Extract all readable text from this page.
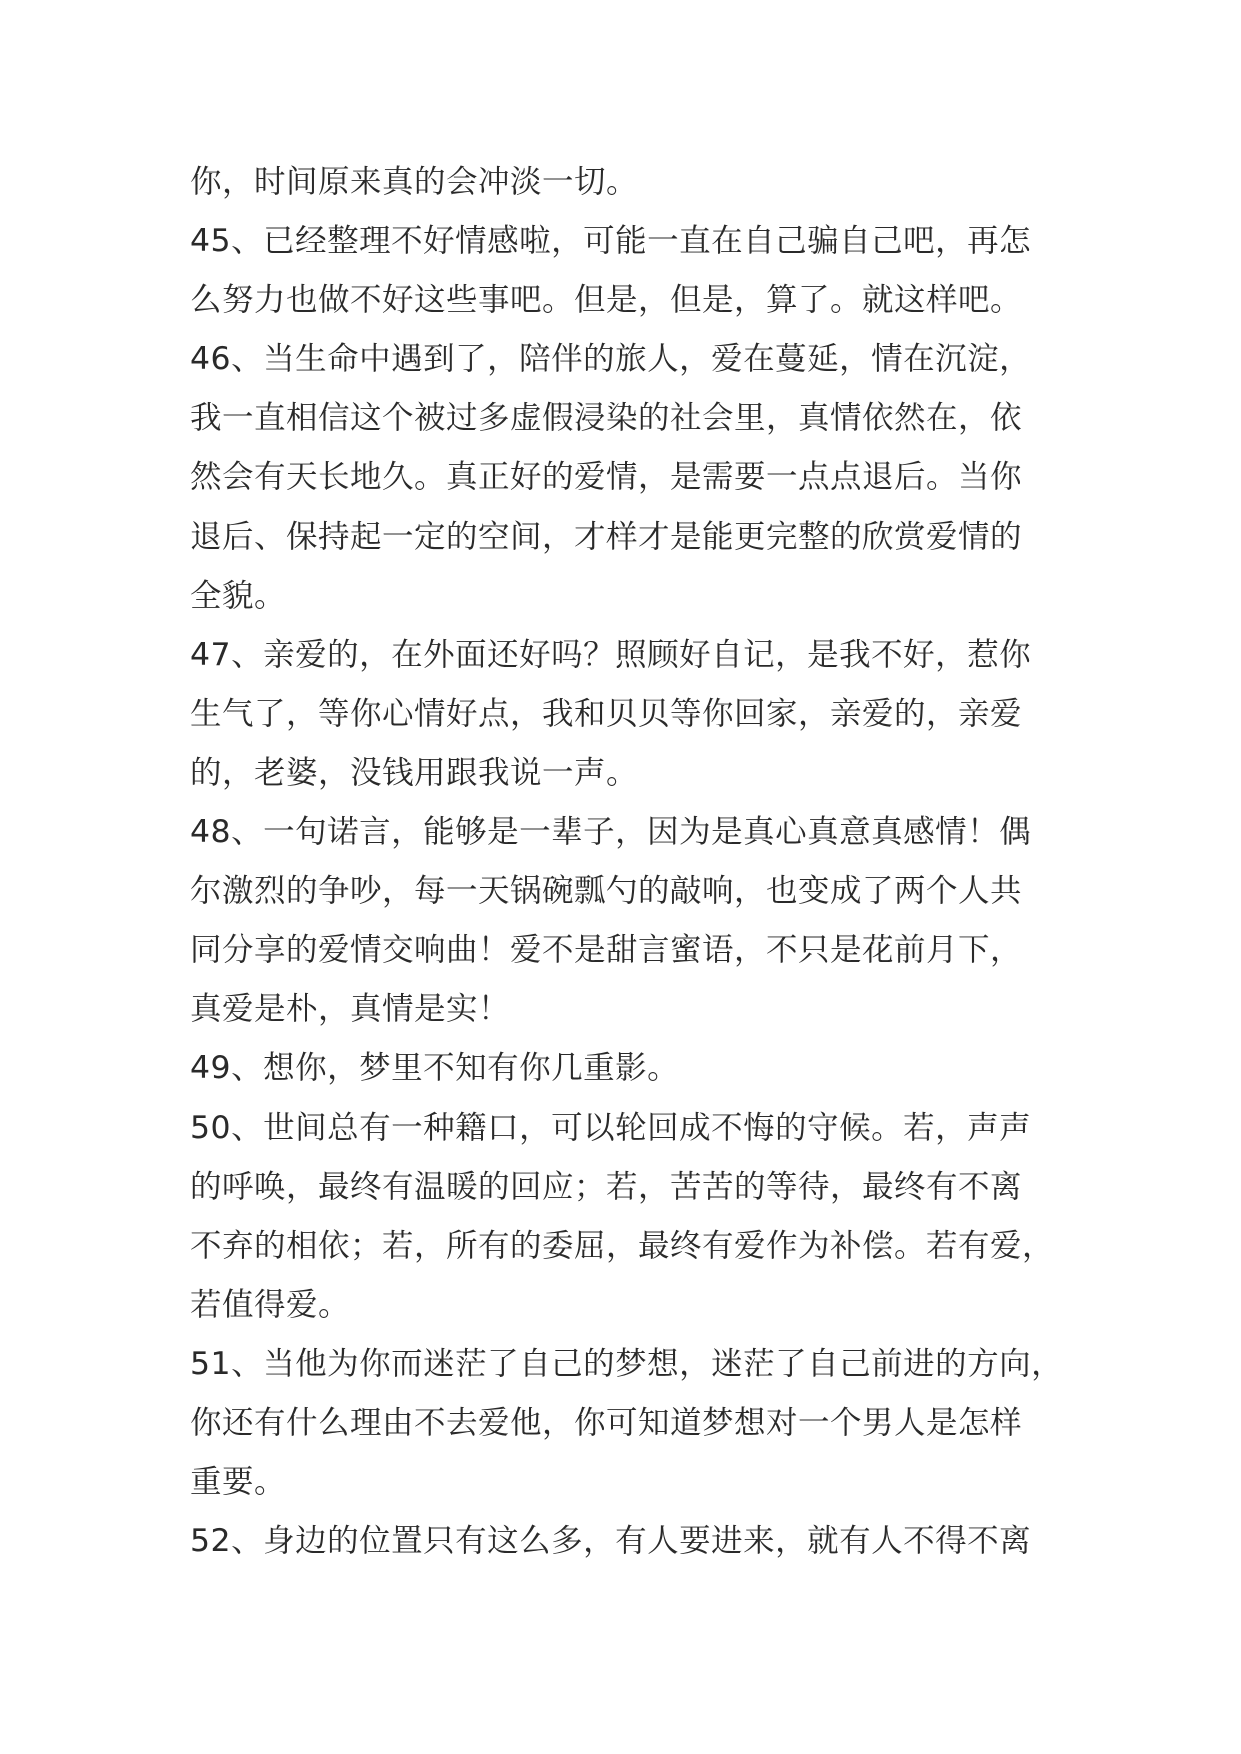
你，时间原来真的会冲淡一切。
45、已经整理不好情感啦，可能一直在自己骗自己吧，再怎
么努力也做不好这些事吧。但是，但是，算了。就这样吧。
46、当生命中遇到了，陪伴的旅人，爱在蔓延，情在沉淀，
我一直相信这个被过多虚假浸染的社会里，真情依然在，依
然会有天长地久。真正好的爱情，是需要一点点退后。当你
退后、保持起一定的空间，才样才是能更完整的欣赏爱情的
全貌。
47、亲爱的，在外面还好吗？照顾好自记，是我不好，惹你
生气了，等你心情好点，我和贝贝等你回家，亲爱的，亲爱
的，老婆，没钱用跟我说一声。
48、一句诺言，能够是一辈子，因为是真心真意真感情！偶
尔激烈的争吵，每一天锅碗瓢勺的敲响，也变成了两个人共
同分享的爱情交响曲！爱不是甜言蜜语，不只是花前月下，
真爱是朴，真情是实！
49、想你，梦里不知有你几重影。
50、世间总有一种籍口，可以轮回成不悔的守候。若，声声
的呼唤，最终有温暖的回应；若，苦苦的等待，最终有不离
不弃的相依；若，所有的委屈，最终有爱作为补偿。若有爱，
若值得爱。
51、当他为你而迷茫了自己的梦想，迷茫了自己前进的方向，
你还有什么理由不去爱他，你可知道梦想对一个男人是怎样
重要。
52、身边的位置只有这么多，有人要进来，就有人不得不离
